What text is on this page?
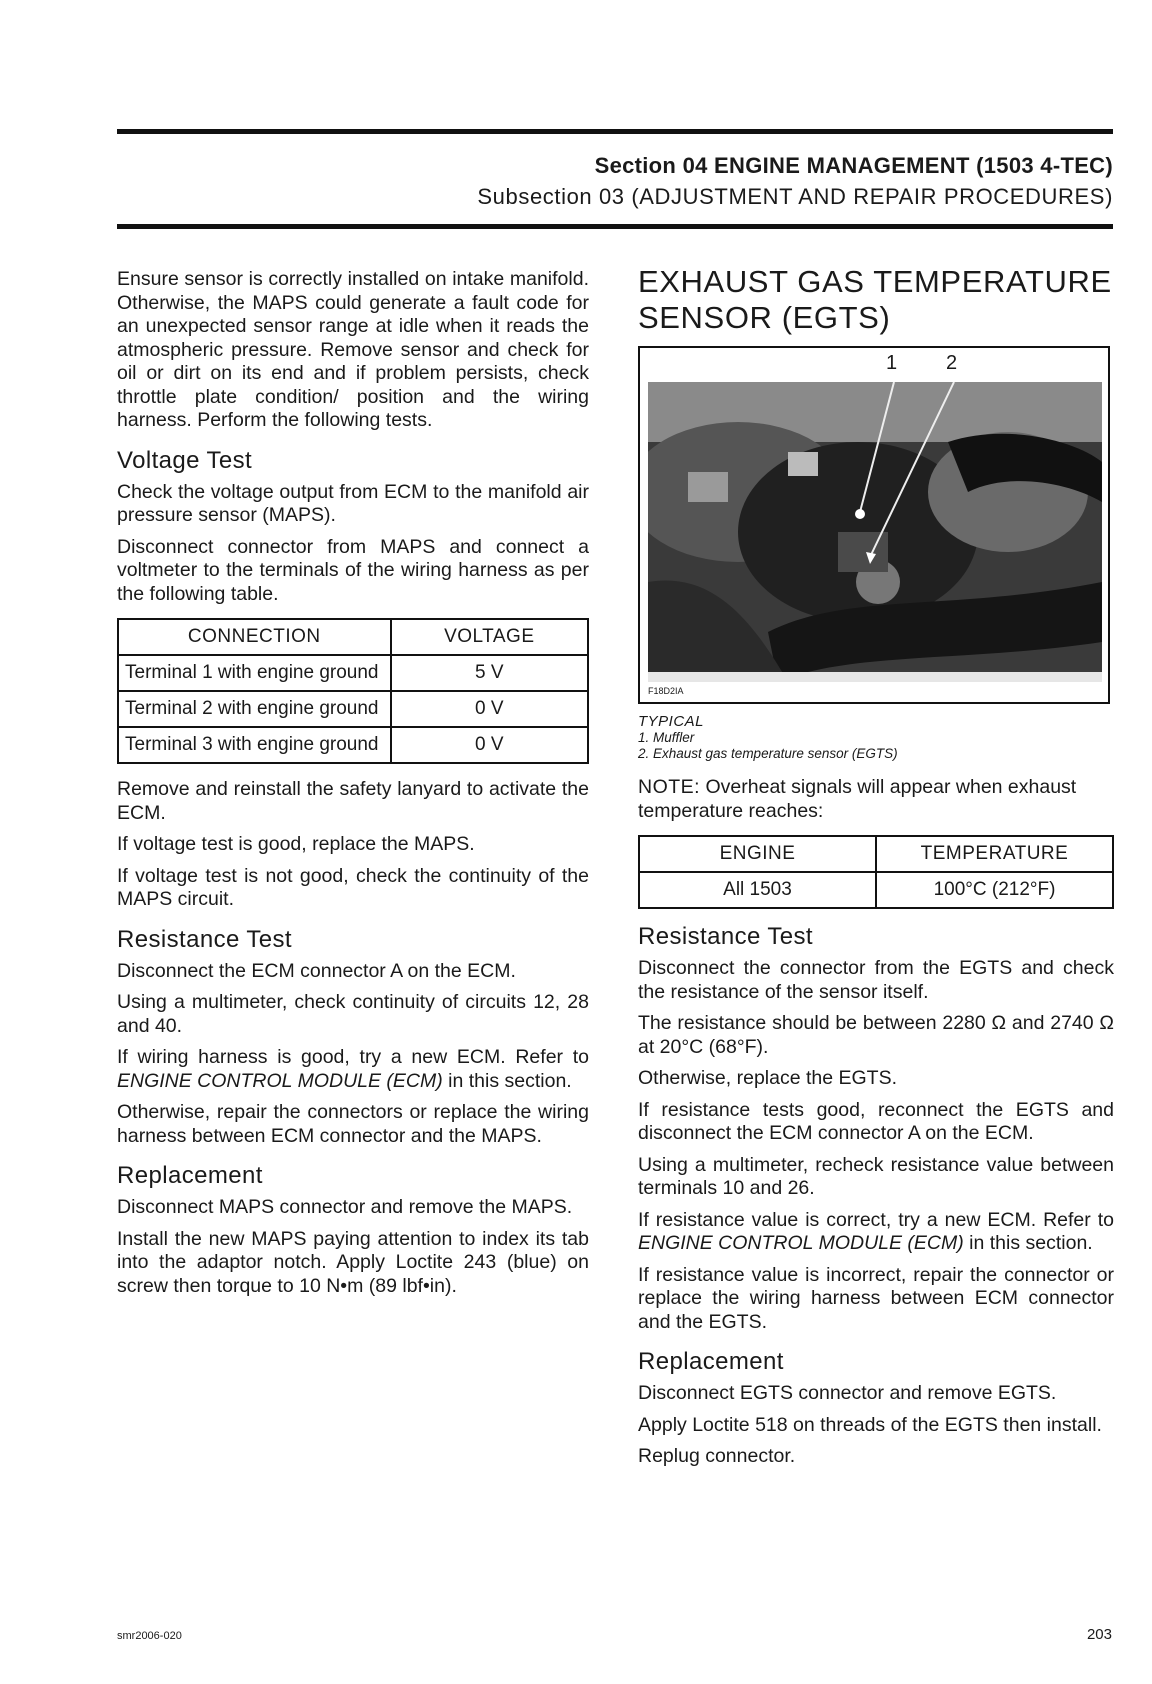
Section 04 ENGINE MANAGEMENT (1503 4-TEC)
Subsection 03 (ADJUSTMENT AND REPAIR PROCEDURES)

Ensure sensor is correctly installed on intake manifold. Otherwise, the MAPS could generate a fault code for an unexpected sensor range at idle when it reads the atmospheric pressure. Remove sensor and check for oil or dirt on its end and if problem persists, check throttle plate condition/ position and the wiring harness. Perform the following tests.

Voltage Test

Check the voltage output from ECM to the manifold air pressure sensor (MAPS).

Disconnect connector from MAPS and connect a voltmeter to the terminals of the wiring harness as per the following table.

CONNECTION	VOLTAGE
Terminal 1 with engine ground	5 V
Terminal 2 with engine ground	0 V
Terminal 3 with engine ground	0 V

Remove and reinstall the safety lanyard to activate the ECM.

If voltage test is good, replace the MAPS.

If voltage test is not good, check the continuity of the MAPS circuit.

Resistance Test

Disconnect the ECM connector A on the ECM.

Using a multimeter, check continuity of circuits 12, 28 and 40.

If wiring harness is good, try a new ECM. Refer to ENGINE CONTROL MODULE (ECM) in this section.

Otherwise, repair the connectors or replace the wiring harness between ECM connector and the MAPS.

Replacement

Disconnect MAPS connector and remove the MAPS.

Install the new MAPS paying attention to index its tab into the adaptor notch. Apply Loctite 243 (blue) on screw then torque to 10 N•m (89 lbf•in).

EXHAUST GAS TEMPERATURE
SENSOR (EGTS)
1 2
F18D2IA
TYPICAL
1. Muffler
2. Exhaust gas temperature sensor (EGTS)

NOTE: Overheat signals will appear when exhaust temperature reaches:

ENGINE	TEMPERATURE
All 1503	100°C (212°F)
Resistance Test

Disconnect the connector from the EGTS and check the resistance of the sensor itself.

The resistance should be between 2280 Ω and 2740 Ω at 20°C (68°F).

Otherwise, replace the EGTS.

If resistance tests good, reconnect the EGTS and disconnect the ECM connector A on the ECM.

Using a multimeter, recheck resistance value between terminals 10 and 26.

If resistance value is correct, try a new ECM. Refer to ENGINE CONTROL MODULE (ECM) in this section.

If resistance value is incorrect, repair the connector or replace the wiring harness between ECM connector and the EGTS.

Replacement

Disconnect EGTS connector and remove EGTS.

Apply Loctite 518 on threads of the EGTS then install.

Replug connector.

smr2006-020	203
